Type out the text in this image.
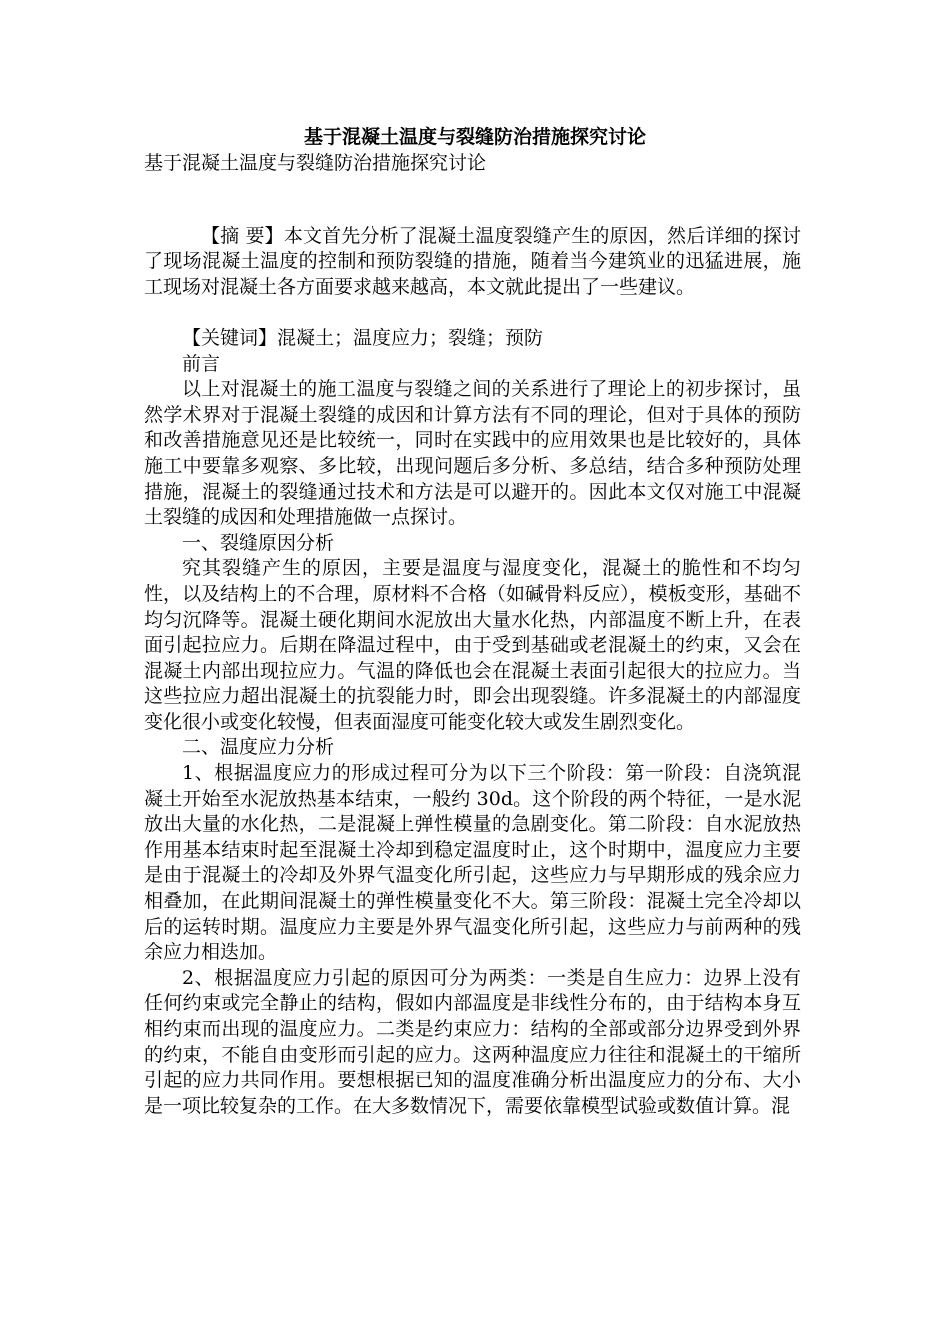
基于混凝土温度与裂缝防治措施探究讨论
基于混凝土温度与裂缝防治措施探究讨论

【摘 要】本文首先分析了混凝土温度裂缝产生的原因，然后详细的探讨了现场混凝土温度的控制和预防裂缝的措施，随着当今建筑业的迅猛进展，施工现场对混凝土各方面要求越来越高，本文就此提出了一些建议。

【关键词】混凝土；温度应力；裂缝；预防

前言

以上对混凝土的施工温度与裂缝之间的关系进行了理论上的初步探讨，虽然学术界对于混凝土裂缝的成因和计算方法有不同的理论，但对于具体的预防和改善措施意见还是比较统一，同时在实践中的应用效果也是比较好的，具体施工中要靠多观察、多比较，出现问题后多分析、多总结，结合多种预防处理措施，混凝土的裂缝通过技术和方法是可以避开的。因此本文仅对施工中混凝土裂缝的成因和处理措施做一点探讨。

一、裂缝原因分析

究其裂缝产生的原因，主要是温度与湿度变化，混凝土的脆性和不均匀性，以及结构上的不合理，原材料不合格（如碱骨料反应），模板变形，基础不均匀沉降等。混凝土硬化期间水泥放出大量水化热，内部温度不断上升，在表面引起拉应力。后期在降温过程中，由于受到基础或老混凝土的约束，又会在混凝土内部出现拉应力。气温的降低也会在混凝土表面引起很大的拉应力。当这些拉应力超出混凝土的抗裂能力时，即会出现裂缝。许多混凝土的内部湿度变化很小或变化较慢，但表面湿度可能变化较大或发生剧烈变化。

二、温度应力分析

1、根据温度应力的形成过程可分为以下三个阶段：第一阶段：自浇筑混凝土开始至水泥放热基本结束，一般约 30d。这个阶段的两个特征，一是水泥放出大量的水化热，二是混凝上弹性模量的急剧变化。第二阶段：自水泥放热作用基本结束时起至混凝土冷却到稳定温度时止，这个时期中，温度应力主要是由于混凝土的冷却及外界气温变化所引起，这些应力与早期形成的残余应力相叠加，在此期间混凝土的弹性模量变化不大。第三阶段：混凝土完全冷却以后的运转时期。温度应力主要是外界气温变化所引起，这些应力与前两种的残余应力相迭加。

2、根据温度应力引起的原因可分为两类：一类是自生应力：边界上没有任何约束或完全静止的结构，假如内部温度是非线性分布的，由于结构本身互相约束而出现的温度应力。二类是约束应力：结构的全部或部分边界受到外界的约束，不能自由变形而引起的应力。这两种温度应力往往和混凝土的干缩所引起的应力共同作用。要想根据已知的温度准确分析出温度应力的分布、大小是一项比较复杂的工作。在大多数情况下，需要依靠模型试验或数值计算。混
